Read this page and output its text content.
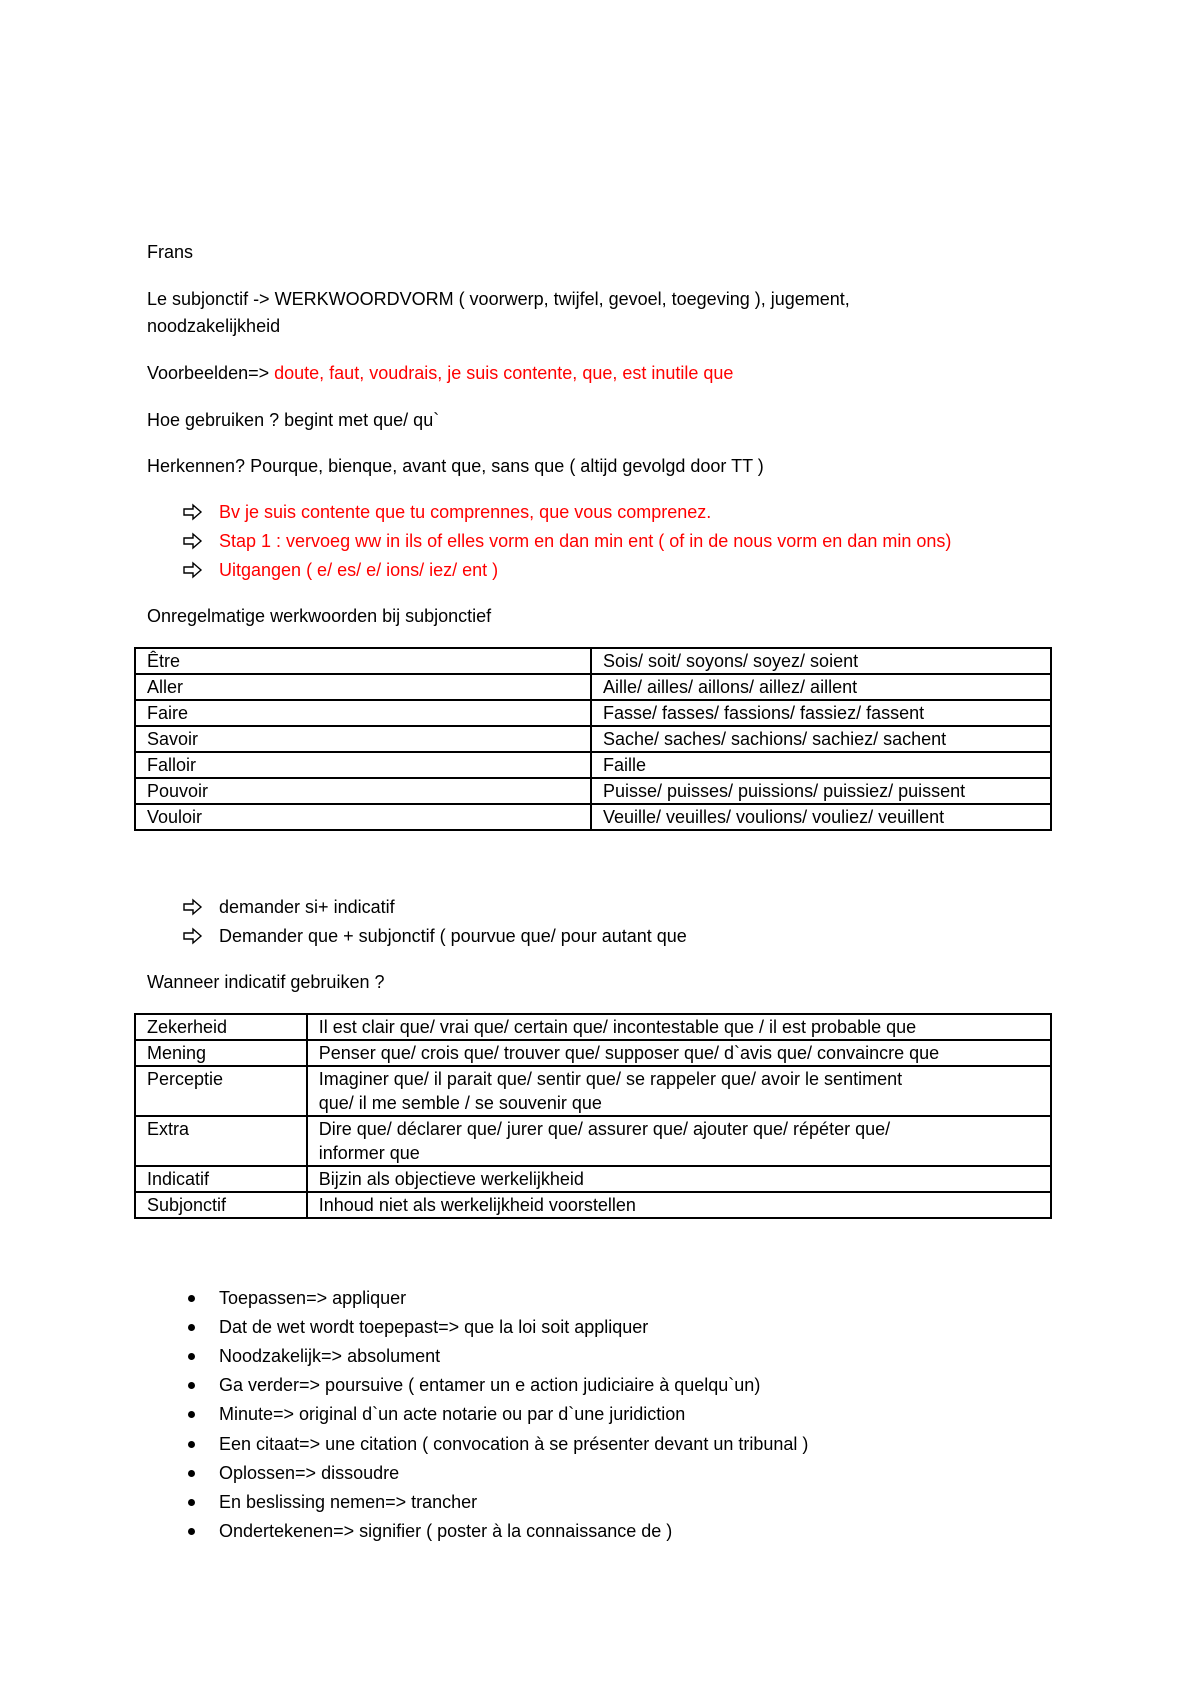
Frans
Le subjonctif -> WERKWOORDVORM ( voorwerp, twijfel, gevoel, toegeving ), jugement,
noodzakelijkheid
Voorbeelden=> doute, faut, voudrais, je suis contente, que, est inutile que
Hoe gebruiken ? begint met que/ qu`
Herkennen? Pourque, bienque, avant que, sans que ( altijd gevolgd door TT )
Bv je suis contente que tu comprennes, que vous comprenez.
Stap 1 : vervoeg ww in ils of elles vorm en dan min ent ( of in de nous vorm en dan min ons)
Uitgangen ( e/ es/ e/ ions/ iez/ ent )
Onregelmatige werkwoorden bij subjonctief
Être	Sois/ soit/ soyons/ soyez/ soient
Aller	Aille/ ailles/ aillons/ aillez/ aillent
Faire	Fasse/ fasses/ fassions/ fassiez/ fassent
Savoir	Sache/ saches/ sachions/ sachiez/ sachent
Falloir	Faille
Pouvoir	Puisse/ puisses/ puissions/ puissiez/ puissent
Vouloir	Veuille/ veuilles/ voulions/ vouliez/ veuillent
demander si+ indicatif
Demander que + subjonctif ( pourvue que/ pour autant que
Wanneer indicatif gebruiken ?
Zekerheid	Il est clair que/ vrai que/ certain que/ incontestable que / il est probable que
Mening	Penser que/ crois que/ trouver que/ supposer que/ d`avis que/ convaincre que
Perceptie	Imaginer que/ il parait que/ sentir que/ se rappeler que/ avoir le sentiment
que/ il me semble / se souvenir que

Extra	Dire que/ déclarer que/ jurer que/ assurer que/ ajouter que/ répéter que/
informer que

Indicatif	Bijzin als objectieve werkelijkheid
Subjonctif	Inhoud niet als werkelijkheid voorstellen
Toepassen=> appliquer
Dat de wet wordt toepepast=> que la loi soit appliquer
Noodzakelijk=> absolument
Ga verder=> poursuive ( entamer un e action judiciaire à quelqu`un)
Minute=> original d`un acte notarie ou par d`une juridiction
Een citaat=> une citation ( convocation à se présenter devant un tribunal )
Oplossen=> dissoudre
En beslissing nemen=> trancher
Ondertekenen=> signifier ( poster à la connaissance de )
